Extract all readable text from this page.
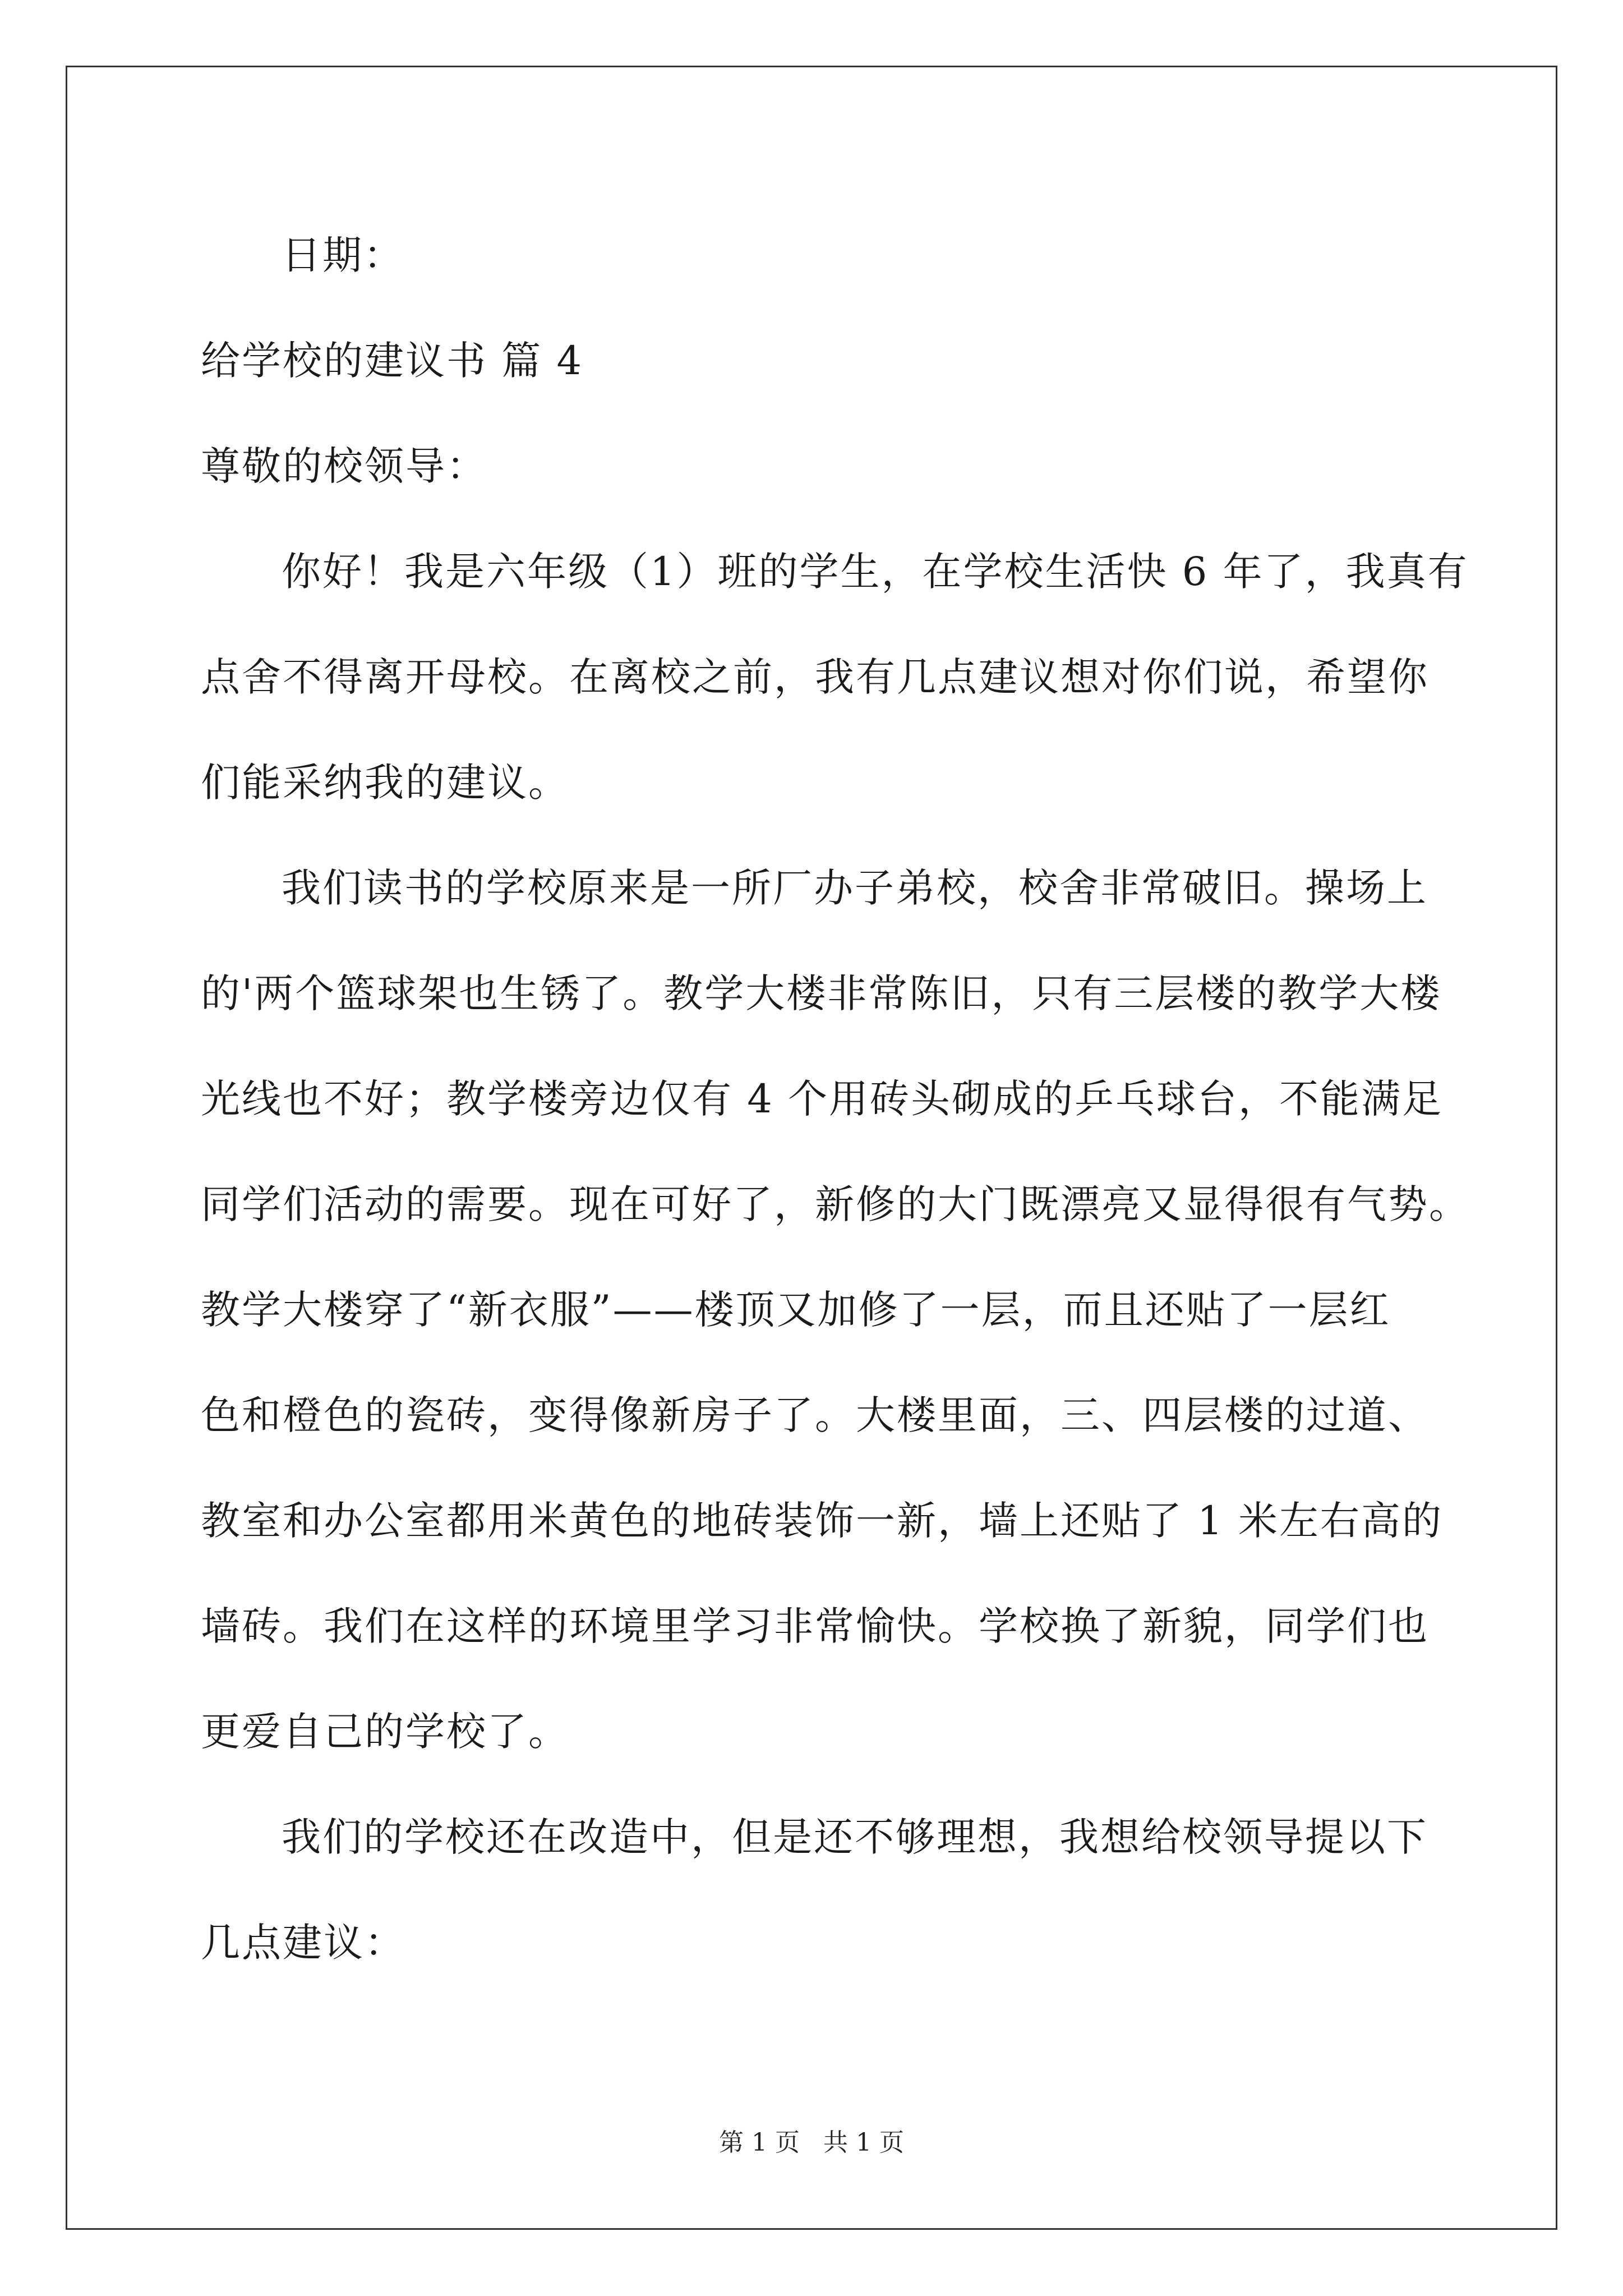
日期：
给学校的建议书 篇 4
尊敬的校领导：
你好！我是六年级（1）班的学生，在学校生活快 6 年了，我真有
点舍不得离开母校。在离校之前，我有几点建议想对你们说，希望你
们能采纳我的建议。
我们读书的学校原来是一所厂办子弟校，校舍非常破旧。操场上
的'两个篮球架也生锈了。教学大楼非常陈旧，只有三层楼的教学大楼
光线也不好；教学楼旁边仅有 4 个用砖头砌成的乒乓球台，不能满足
同学们活动的需要。现在可好了，新修的大门既漂亮又显得很有气势。
教学大楼穿了“新衣服”——楼顶又加修了一层，而且还贴了一层红
色和橙色的瓷砖，变得像新房子了。大楼里面，三、四层楼的过道、
教室和办公室都用米黄色的地砖装饰一新，墙上还贴了 1 米左右高的
墙砖。我们在这样的环境里学习非常愉快。学校换了新貌，同学们也
更爱自己的学校了。
我们的学校还在改造中，但是还不够理想，我想给校领导提以下
几点建议：
第 1 页 共 1 页
